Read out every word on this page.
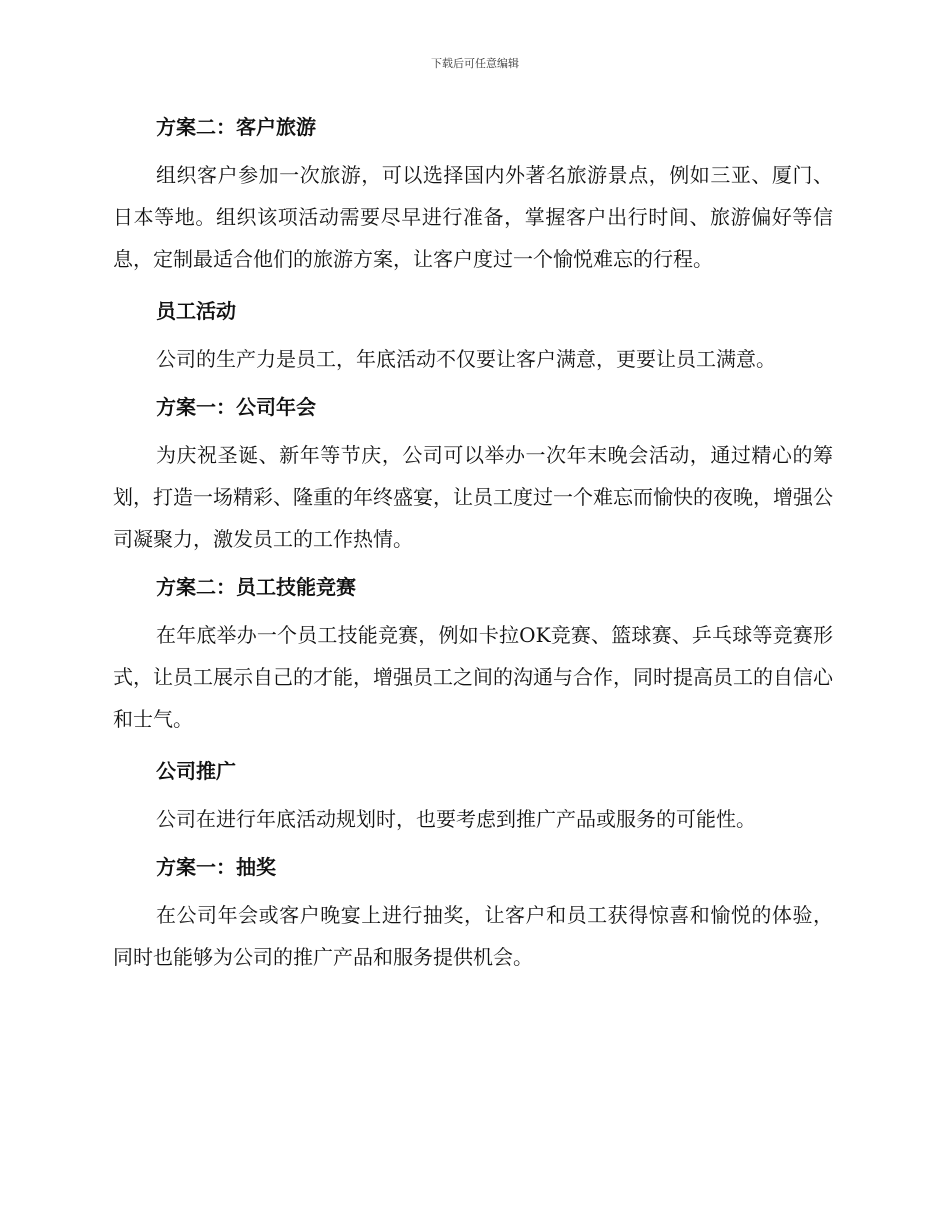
下载后可任意编辑
方案二：客户旅游

组织客户参加一次旅游，可以选择国内外著名旅游景点，例如三亚、厦门、日本等地。组织该项活动需要尽早进行准备，掌握客户出行时间、旅游偏好等信息，定制最适合他们的旅游方案，让客户度过一个愉悦难忘的行程。

员工活动

公司的生产力是员工，年底活动不仅要让客户满意，更要让员工满意。

方案一：公司年会

为庆祝圣诞、新年等节庆，公司可以举办一次年末晚会活动，通过精心的筹划，打造一场精彩、隆重的年终盛宴，让员工度过一个难忘而愉快的夜晚，增强公司凝聚力，激发员工的工作热情。

方案二：员工技能竞赛

在年底举办一个员工技能竞赛，例如卡拉OK竞赛、篮球赛、乒乓球等竞赛形式，让员工展示自己的才能，增强员工之间的沟通与合作，同时提高员工的自信心和士气。

公司推广

公司在进行年底活动规划时，也要考虑到推广产品或服务的可能性。

方案一：抽奖

在公司年会或客户晚宴上进行抽奖，让客户和员工获得惊喜和愉悦的体验，同时也能够为公司的推广产品和服务提供机会。
